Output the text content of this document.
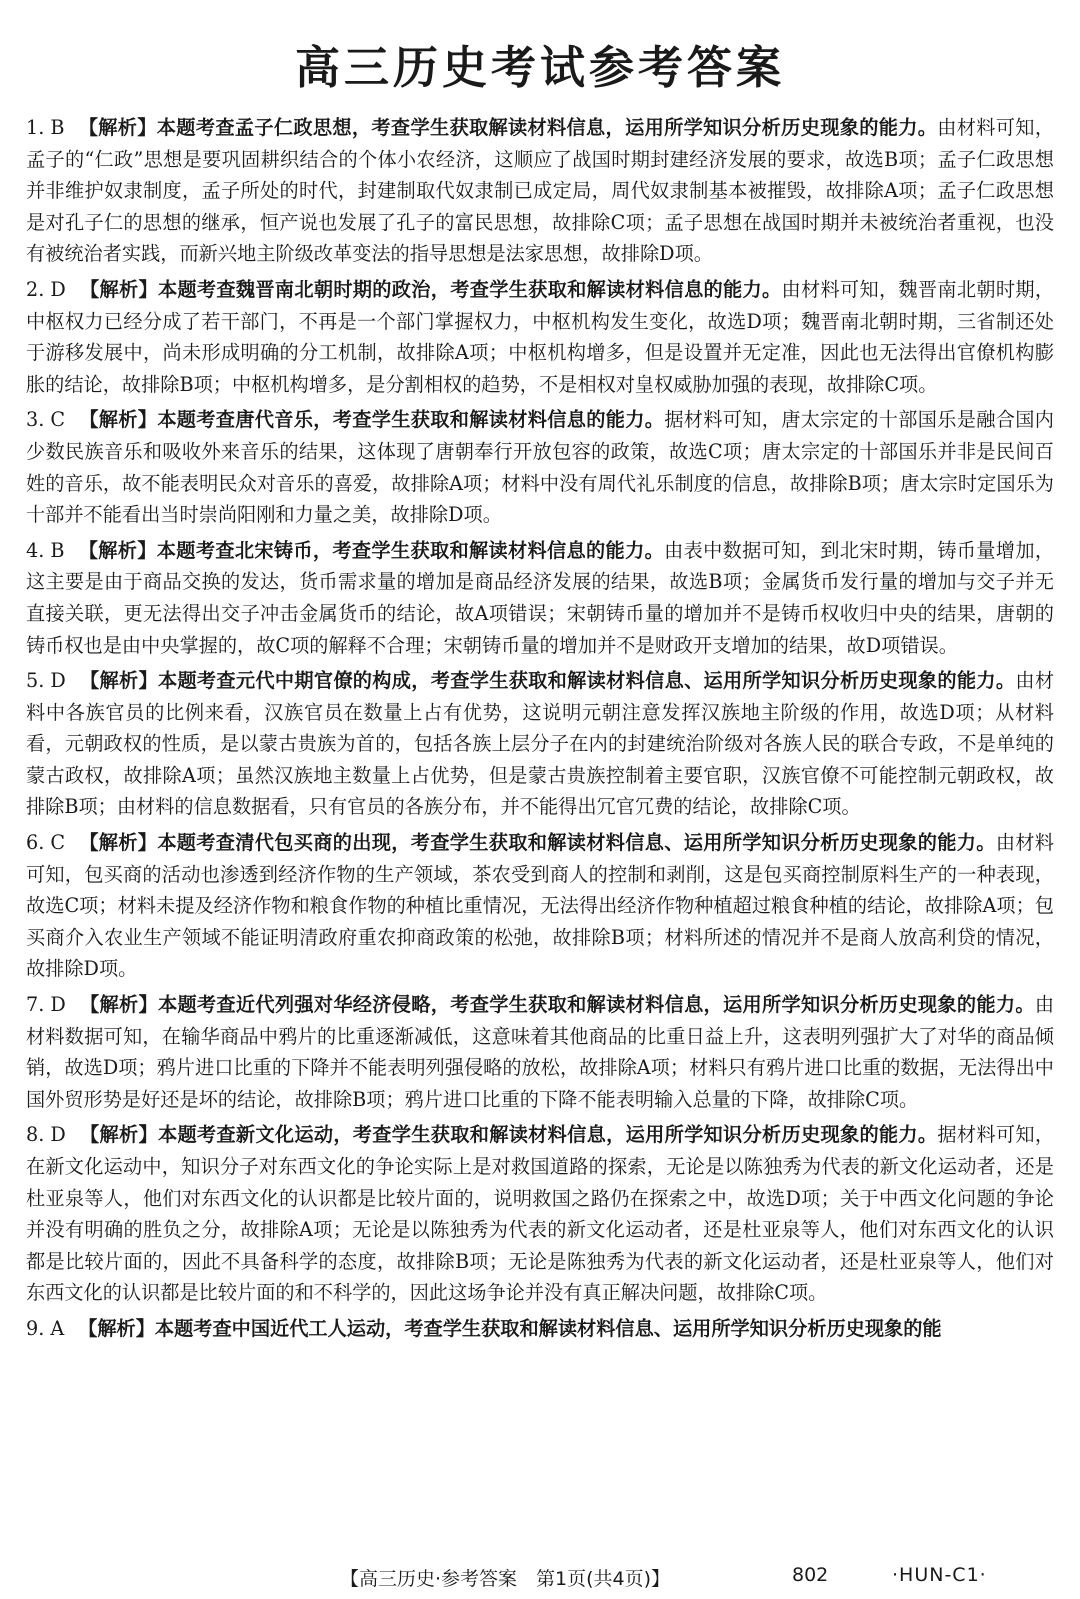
高三历史考试参考答案

1. B 【解析】本题考查孟子仁政思想，考查学生获取解读材料信息，运用所学知识分析历史现象的能力。由材料可知，孟子的“仁政”思想是要巩固耕织结合的个体小农经济，这顺应了战国时期封建经济发展的要求，故选B项；孟子仁政思想并非维护奴隶制度，孟子所处的时代，封建制取代奴隶制已成定局，周代奴隶制基本被摧毁，故排除A项；孟子仁政思想是对孔子仁的思想的继承，恒产说也发展了孔子的富民思想，故排除C项；孟子思想在战国时期并未被统治者重视，也没有被统治者实践，而新兴地主阶级改革变法的指导思想是法家思想，故排除D项。

2. D 【解析】本题考查魏晋南北朝时期的政治，考查学生获取和解读材料信息的能力。由材料可知，魏晋南北朝时期，中枢权力已经分成了若干部门，不再是一个部门掌握权力，中枢机构发生变化，故选D项；魏晋南北朝时期，三省制还处于游移发展中，尚未形成明确的分工机制，故排除A项；中枢机构增多，但是设置并无定准，因此也无法得出官僚机构膨胀的结论，故排除B项；中枢机构增多，是分割相权的趋势，不是相权对皇权威胁加强的表现，故排除C项。

3. C 【解析】本题考查唐代音乐，考查学生获取和解读材料信息的能力。据材料可知，唐太宗定的十部国乐是融合国内少数民族音乐和吸收外来音乐的结果，这体现了唐朝奉行开放包容的政策，故选C项；唐太宗定的十部国乐并非是民间百姓的音乐，故不能表明民众对音乐的喜爱，故排除A项；材料中没有周代礼乐制度的信息，故排除B项；唐太宗时定国乐为十部并不能看出当时崇尚阳刚和力量之美，故排除D项。

4. B 【解析】本题考查北宋铸币，考查学生获取和解读材料信息的能力。由表中数据可知，到北宋时期，铸币量增加，这主要是由于商品交换的发达，货币需求量的增加是商品经济发展的结果，故选B项；金属货币发行量的增加与交子并无直接关联，更无法得出交子冲击金属货币的结论，故A项错误；宋朝铸币量的增加并不是铸币权收归中央的结果，唐朝的铸币权也是由中央掌握的，故C项的解释不合理；宋朝铸币量的增加并不是财政开支增加的结果，故D项错误。

5. D 【解析】本题考查元代中期官僚的构成，考查学生获取和解读材料信息、运用所学知识分析历史现象的能力。由材料中各族官员的比例来看，汉族官员在数量上占有优势，这说明元朝注意发挥汉族地主阶级的作用，故选D项；从材料看，元朝政权的性质，是以蒙古贵族为首的，包括各族上层分子在内的封建统治阶级对各族人民的联合专政，不是单纯的蒙古政权，故排除A项；虽然汉族地主数量上占优势，但是蒙古贵族控制着主要官职，汉族官僚不可能控制元朝政权，故排除B项；由材料的信息数据看，只有官员的各族分布，并不能得出冗官冗费的结论，故排除C项。

6. C 【解析】本题考查清代包买商的出现，考查学生获取和解读材料信息、运用所学知识分析历史现象的能力。由材料可知，包买商的活动也渗透到经济作物的生产领域，茶农受到商人的控制和剥削，这是包买商控制原料生产的一种表现，故选C项；材料未提及经济作物和粮食作物的种植比重情况，无法得出经济作物种植超过粮食种植的结论，故排除A项；包买商介入农业生产领域不能证明清政府重农抑商政策的松弛，故排除B项；材料所述的情况并不是商人放高利贷的情况，故排除D项。

7. D 【解析】本题考查近代列强对华经济侵略，考查学生获取和解读材料信息，运用所学知识分析历史现象的能力。由材料数据可知，在输华商品中鸦片的比重逐渐减低，这意味着其他商品的比重日益上升，这表明列强扩大了对华的商品倾销，故选D项；鸦片进口比重的下降并不能表明列强侵略的放松，故排除A项；材料只有鸦片进口比重的数据，无法得出中国外贸形势是好还是坏的结论，故排除B项；鸦片进口比重的下降不能表明输入总量的下降，故排除C项。

8. D 【解析】本题考查新文化运动，考查学生获取和解读材料信息，运用所学知识分析历史现象的能力。据材料可知，在新文化运动中，知识分子对东西文化的争论实际上是对救国道路的探索，无论是以陈独秀为代表的新文化运动者，还是杜亚泉等人，他们对东西文化的认识都是比较片面的，说明救国之路仍在探索之中，故选D项；关于中西文化问题的争论并没有明确的胜负之分，故排除A项；无论是以陈独秀为代表的新文化运动者，还是杜亚泉等人，他们对东西文化的认识都是比较片面的，因此不具备科学的态度，故排除B项；无论是陈独秀为代表的新文化运动者，还是杜亚泉等人，他们对东西文化的认识都是比较片面的和不科学的，因此这场争论并没有真正解决问题，故排除C项。

9. A 【解析】本题考查中国近代工人运动，考查学生获取和解读材料信息、运用所学知识分析历史现象的能

【高三历史·参考答案　第1页(共4页)】	802	·HUN-C1·
